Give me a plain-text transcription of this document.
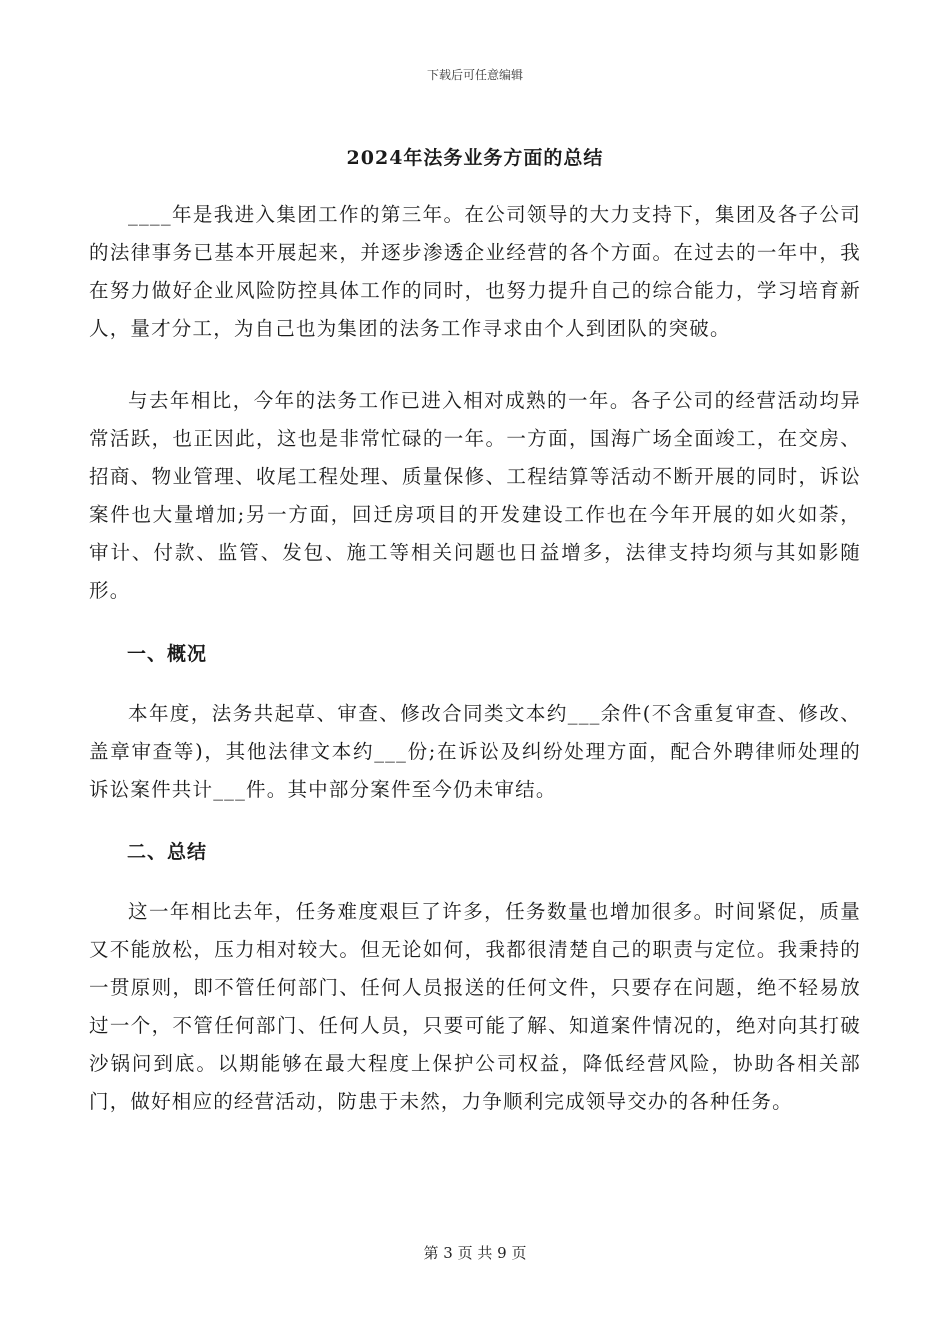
下载后可任意编辑
2024年法务业务方面的总结

____年是我进入集团工作的第三年。在公司领导的大力支持下，集团及各子公司的法律事务已基本开展起来，并逐步渗透企业经营的各个方面。在过去的一年中，我在努力做好企业风险防控具体工作的同时，也努力提升自己的综合能力，学习培育新人，量才分工，为自己也为集团的法务工作寻求由个人到团队的突破。

与去年相比，今年的法务工作已进入相对成熟的一年。各子公司的经营活动均异常活跃，也正因此，这也是非常忙碌的一年。一方面，国海广场全面竣工，在交房、招商、物业管理、收尾工程处理、质量保修、工程结算等活动不断开展的同时，诉讼案件也大量增加;另一方面，回迁房项目的开发建设工作也在今年开展的如火如荼，审计、付款、监管、发包、施工等相关问题也日益增多，法律支持均须与其如影随形。

一、概况

本年度，法务共起草、审查、修改合同类文本约___余件(不含重复审查、修改、盖章审查等)，其他法律文本约___份;在诉讼及纠纷处理方面，配合外聘律师处理的诉讼案件共计___件。其中部分案件至今仍未审结。

二、总结

这一年相比去年，任务难度艰巨了许多，任务数量也增加很多。时间紧促，质量又不能放松，压力相对较大。但无论如何，我都很清楚自己的职责与定位。我秉持的一贯原则，即不管任何部门、任何人员报送的任何文件，只要存在问题，绝不轻易放过一个，不管任何部门、任何人员，只要可能了解、知道案件情况的，绝对向其打破沙锅问到底。以期能够在最大程度上保护公司权益，降低经营风险，协助各相关部门，做好相应的经营活动，防患于未然，力争顺利完成领导交办的各种任务。

第 3 页 共 9 页
